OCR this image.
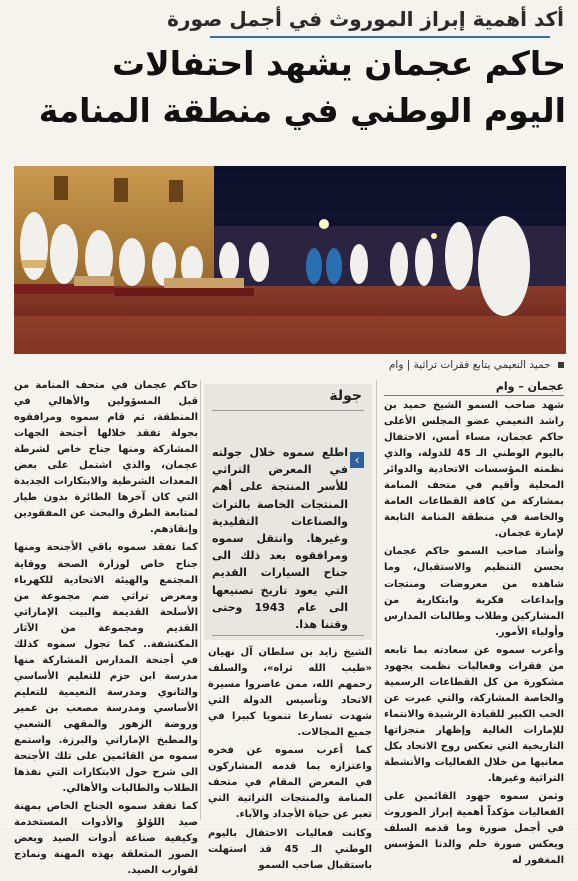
أكد أهمية إبراز الموروث في أجمل صورة
حاكم عجمان يشهد احتفالات اليوم الوطني في منطقة المنامة
حميد النعيمي يتابع فقرات تراثية | وام
عجمان – وام

شهد صاحب السمو الشيخ حميد بن راشد النعيمي عضو المجلس الأعلى حاكم عجمان، مساء أمس، الاحتفال باليوم الوطني الـ 45 للدولة، والذي نظمته المؤسسات الاتحادية والدوائر المحلية وأقيم في متحف المنامة بمشاركة من كافة القطاعات العامة والخاصة في منطقة المنامة التابعة لإمارة عجمان.

وأشاد صاحب السمو حاكم عجمان بحسن التنظيم والاستقبال، وما شاهده من معروضات ومنتجات وإبداعات فكرية وابتكارية من المشاركين وطلاب وطالبات المدارس وأولياء الأمور.

وأعرب سموه عن سعادته بما تابعه من فقرات وفعاليات نظمت بجهود مشكورة من كل القطاعات الرسمية والخاصة المشاركة، والتي عبرت عن الحب الكبير للقيادة الرشيدة والانتماء للإمارات الغالية وإظهار منجزاتها التاريخية التي تعكس روح الاتحاد بكل معانيها من خلال الفعاليات والأنشطة التراثية وغيرها.

وثمن سموه جهود القائمين على الفعاليات مؤكداً أهمية إبراز الموروث في أجمل صورة وما قدمه السلف ويعكس صورة حلم والدنا المؤسس المغفور له

جولة
‹
اطلع سموه خلال جولته في المعرض التراثي للأسر المنتجة على أهم المنتجات الخاصة بالتراث والصناعات التقليدية وغيرها. وانتقل سموه ومرافقوه بعد ذلك الى جناح السيارات القديم التي يعود تاريخ تصنيعها الى عام 1943 وحتى وقتنا هذا.

الشيخ زايد بن سلطان آل نهيان «طيب الله ثراه»، والسلف رحمهم الله، ممن عاصروا مسيرة الاتحاد وتأسيس الدولة التي شهدت تسارعا تنمويا كبيرا في جميع المجالات.

كما أعرب سموه عن فخره واعتزازه بما قدمه المشاركون في المعرض المقام في متحف المنامة والمنتجات التراثية التي تعبر عن حياة الأجداد والآباء.

وكانت فعاليات الاحتفال باليوم الوطني الـ 45 قد استهلت باستقبال صاحب السمو

حاكم عجمان في متحف المنامة من قبل المسؤولين والأهالي في المنطقة، ثم قام سموه ومرافقوه بجولة تفقد خلالها أجنحة الجهات المشاركة ومنها جناح خاص لشرطة عجمان، والذي اشتمل على بعض المعدات الشرطية والابتكارات الجديدة التي كان آخرها الطائرة بدون طيار لمتابعة الطرق والبحث عن المفقودين وإنقاذهم.

كما تفقد سموه باقي الأجنحة ومنها جناح خاص لوزارة الصحة ووقاية المجتمع والهيئة الاتحادية للكهرباء ومعرض تراثي ضم مجموعة من الأسلحة القديمة والبيت الإماراتي القديم ومجموعة من الآثار المكتشفة.. كما تجول سموه كذلك في أجنحة المدارس المشاركة منها مدرسة ابن حزم للتعليم الأساسي والثانوي ومدرسة النعيمية للتعليم الأساسي ومدرسة مصعب بن عمير وروضة الزهور والمقهى الشعبي والمطبخ الإماراتي والبرزة. واستمع سموه من القائمين على تلك الأجنحة الى شرح حول الابتكارات التي نفذها الطلاب والطالبات والأهالي.

كما تفقد سموه الجناح الخاص بمهنة صيد اللؤلؤ والأدوات المستخدمة وكيفية صناعة أدوات الصيد وبعض الصور المتعلقة بهذه المهنة ونماذج لقوارب الصيد.
